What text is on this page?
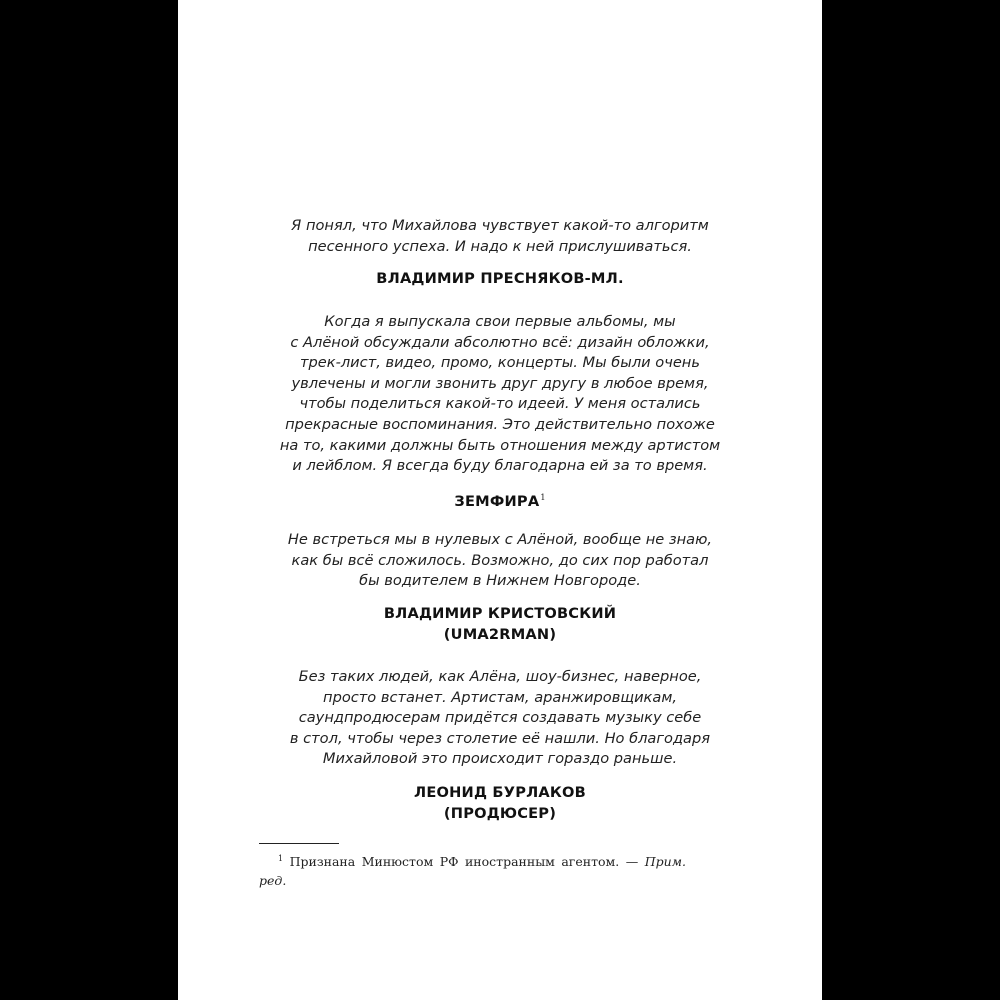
Я понял, что Михайлова чувствует какой-то алгоритм
песенного успеха. И надо к ней прислушиваться.
ВЛАДИМИР ПРЕСНЯКОВ-МЛ.
Когда я выпускала свои первые альбомы, мы
с Алёной обсуждали абсолютно всё: дизайн обложки,
трек-лист, видео, промо, концерты. Мы были очень
увлечены и могли звонить друг другу в любое время,
чтобы поделиться какой-то идеей. У меня остались
прекрасные воспоминания. Это действительно похоже
на то, какими должны быть отношения между артистом
и лейблом. Я всегда буду благодарна ей за то время.
ЗЕМФИРА$^1$
Не встреться мы в нулевых с Алёной, вообще не знаю,
как бы всё сложилось. Возможно, до сих пор работал
бы водителем в Нижнем Новгороде.
ВЛАДИМИР КРИСТОВСКИЙ
(UMA2RMAN)
Без таких людей, как Алёна, шоу-бизнес, наверное,
просто встанет. Артистам, аранжировщикам,
саундпродюсерам придётся создавать музыку себе
в стол, чтобы через столетие её нашли. Но благодаря
Михайловой это происходит гораздо раньше.
ЛЕОНИД БУРЛАКОВ
(ПРОДЮСЕР)
$^1$ Признана Минюстом РФ иностранным агентом. — Прим.
ред.
